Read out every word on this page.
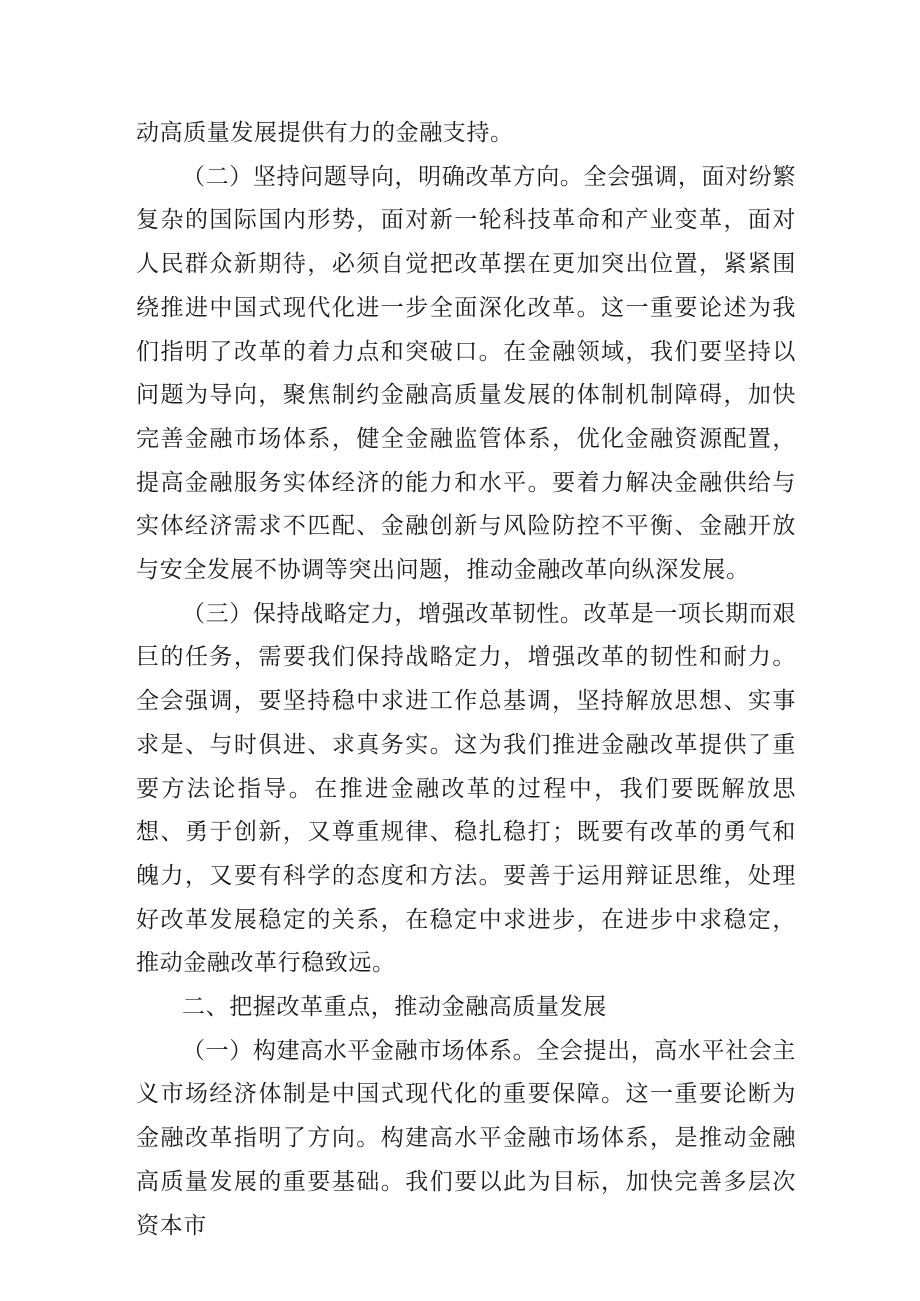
动高质量发展提供有力的金融支持。

（二）坚持问题导向，明确改革方向。全会强调，面对纷繁复杂的国际国内形势，面对新一轮科技革命和产业变革，面对人民群众新期待，必须自觉把改革摆在更加突出位置，紧紧围绕推进中国式现代化进一步全面深化改革。这一重要论述为我们指明了改革的着力点和突破口。在金融领域，我们要坚持以问题为导向，聚焦制约金融高质量发展的体制机制障碍，加快完善金融市场体系，健全金融监管体系，优化金融资源配置，提高金融服务实体经济的能力和水平。要着力解决金融供给与实体经济需求不匹配、金融创新与风险防控不平衡、金融开放与安全发展不协调等突出问题，推动金融改革向纵深发展。

（三）保持战略定力，增强改革韧性。改革是一项长期而艰巨的任务，需要我们保持战略定力，增强改革的韧性和耐力。全会强调，要坚持稳中求进工作总基调，坚持解放思想、实事求是、与时俱进、求真务实。这为我们推进金融改革提供了重要方法论指导。在推进金融改革的过程中，我们要既解放思想、勇于创新，又尊重规律、稳扎稳打；既要有改革的勇气和魄力，又要有科学的态度和方法。要善于运用辩证思维，处理好改革发展稳定的关系，在稳定中求进步，在进步中求稳定，推动金融改革行稳致远。

二、把握改革重点，推动金融高质量发展

（一）构建高水平金融市场体系。全会提出，高水平社会主义市场经济体制是中国式现代化的重要保障。这一重要论断为金融改革指明了方向。构建高水平金融市场体系，是推动金融高质量发展的重要基础。我们要以此为目标，加快完善多层次资本市
